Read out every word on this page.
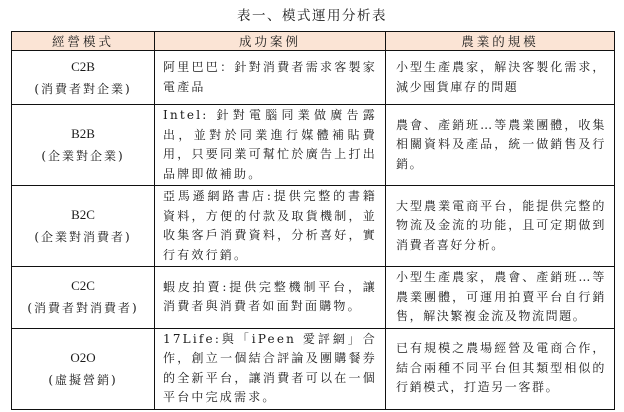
表一、模式運用分析表
經營模式	成功案例	農業的規模

C2B
(消費者對企業)	阿里巴巴：針對消費者需求客製家電產品	小型生產農家，解決客製化需求，減少囤貨庫存的問題

B2B
(企業對企業)	Intel: 針對電腦同業做廣告露出，並對於同業進行媒體補貼費用，只要同業可幫忙於廣告上打出品牌即做補助。	農會、產銷班…等農業團體，收集相關資料及產品，統一做銷售及行銷。

B2C
(企業對消費者)	亞馬遜網路書店:提供完整的書籍資料，方便的付款及取貨機制，並收集客戶消費資料，分析喜好，實行有效行銷。	大型農業電商平台，能提供完整的物流及金流的功能，且可定期做到消費者喜好分析。

C2C
(消費者對消費者)	蝦皮拍賣:提供完整機制平台，讓消費者與消費者如面對面購物。	小型生產農家，農會、產銷班…等農業團體，可運用拍賣平台自行銷售，解決繁複金流及物流問題。

O2O
(虛擬營銷)	17Life:與「iPeen 愛評網」合作，創立一個結合評論及團購餐券的全新平台，讓消費者可以在一個平台中完成需求。	已有規模之農場經營及電商合作，結合兩種不同平台但其類型相似的行銷模式，打造另一客群。
